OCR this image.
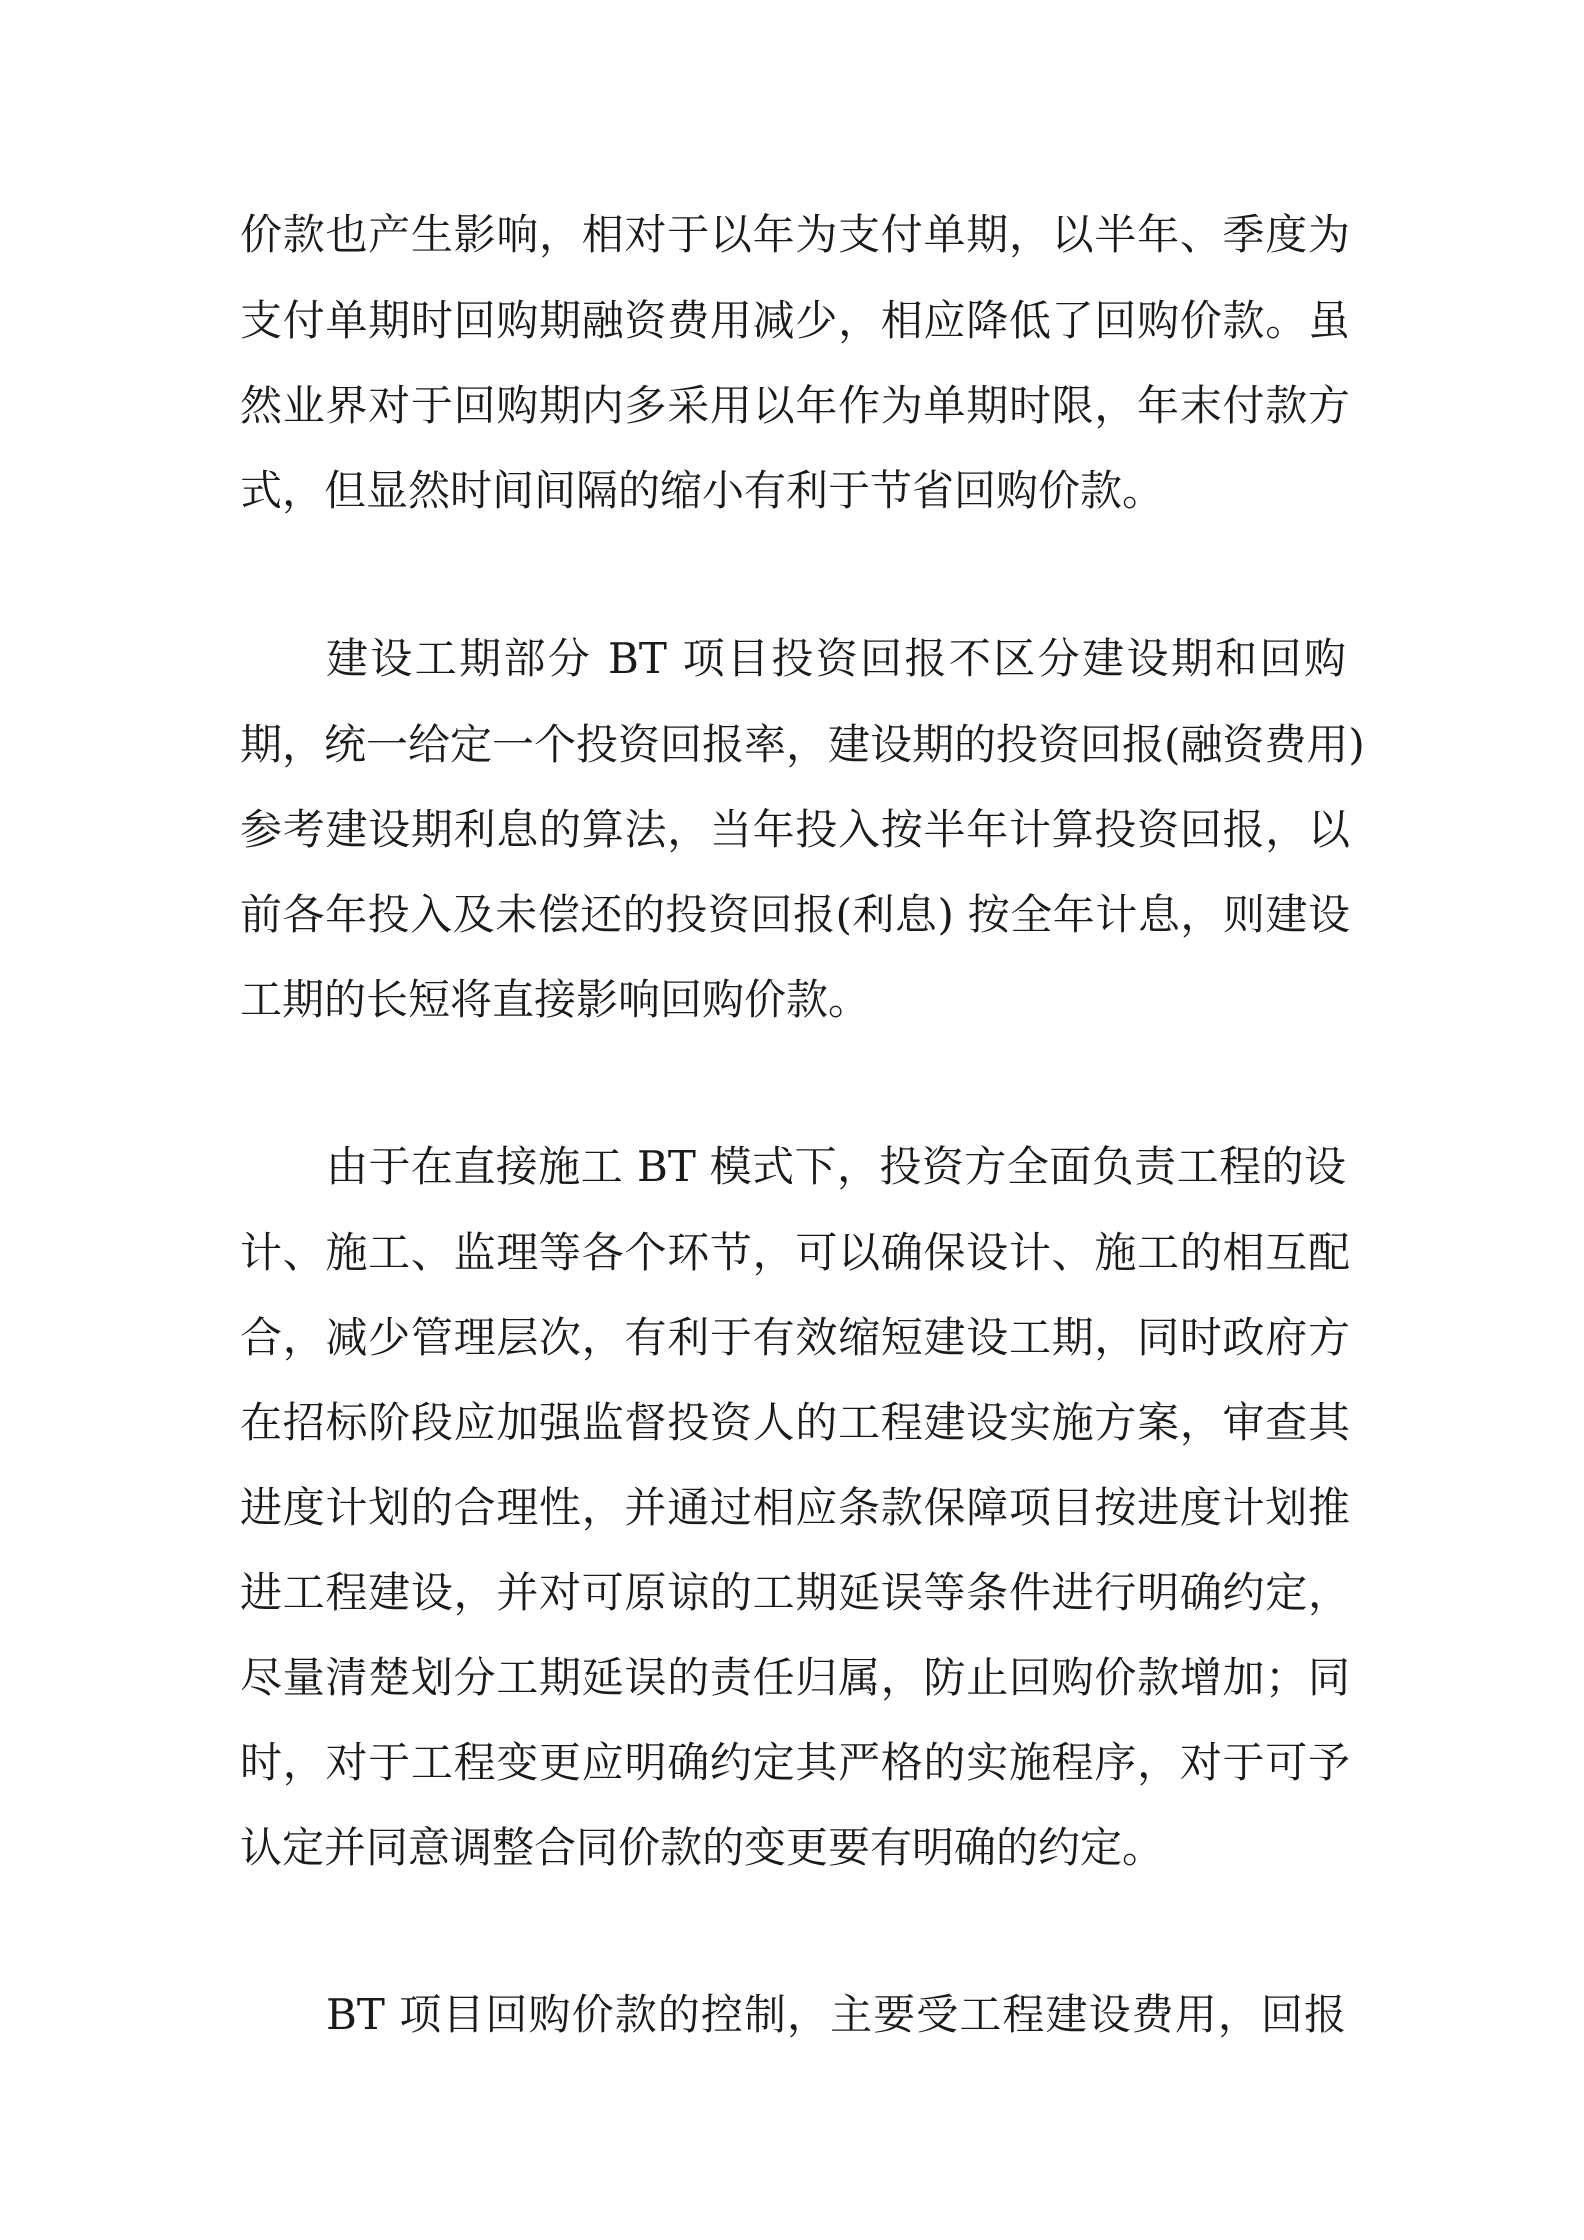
价款也产生影响，相对于以年为支付单期，以半年、季度为

支付单期时回购期融资费用减少，相应降低了回购价款。虽

然业界对于回购期内多采用以年作为单期时限，年末付款方

式，但显然时间间隔的缩小有利于节省回购价款。

建设工期部分 BT 项目投资回报不区分建设期和回购

期，统一给定一个投资回报率，建设期的投资回报(融资费用)

参考建设期利息的算法，当年投入按半年计算投资回报，以

前各年投入及未偿还的投资回报(利息) 按全年计息，则建设

工期的长短将直接影响回购价款。

由于在直接施工 BT 模式下，投资方全面负责工程的设

计、施工、监理等各个环节，可以确保设计、施工的相互配

合，减少管理层次，有利于有效缩短建设工期，同时政府方

在招标阶段应加强监督投资人的工程建设实施方案，审查其

进度计划的合理性，并通过相应条款保障项目按进度计划推

进工程建设，并对可原谅的工期延误等条件进行明确约定，

尽量清楚划分工期延误的责任归属，防止回购价款增加；同

时，对于工程变更应明确约定其严格的实施程序，对于可予

认定并同意调整合同价款的变更要有明确的约定。

BT 项目回购价款的控制，主要受工程建设费用，回报
